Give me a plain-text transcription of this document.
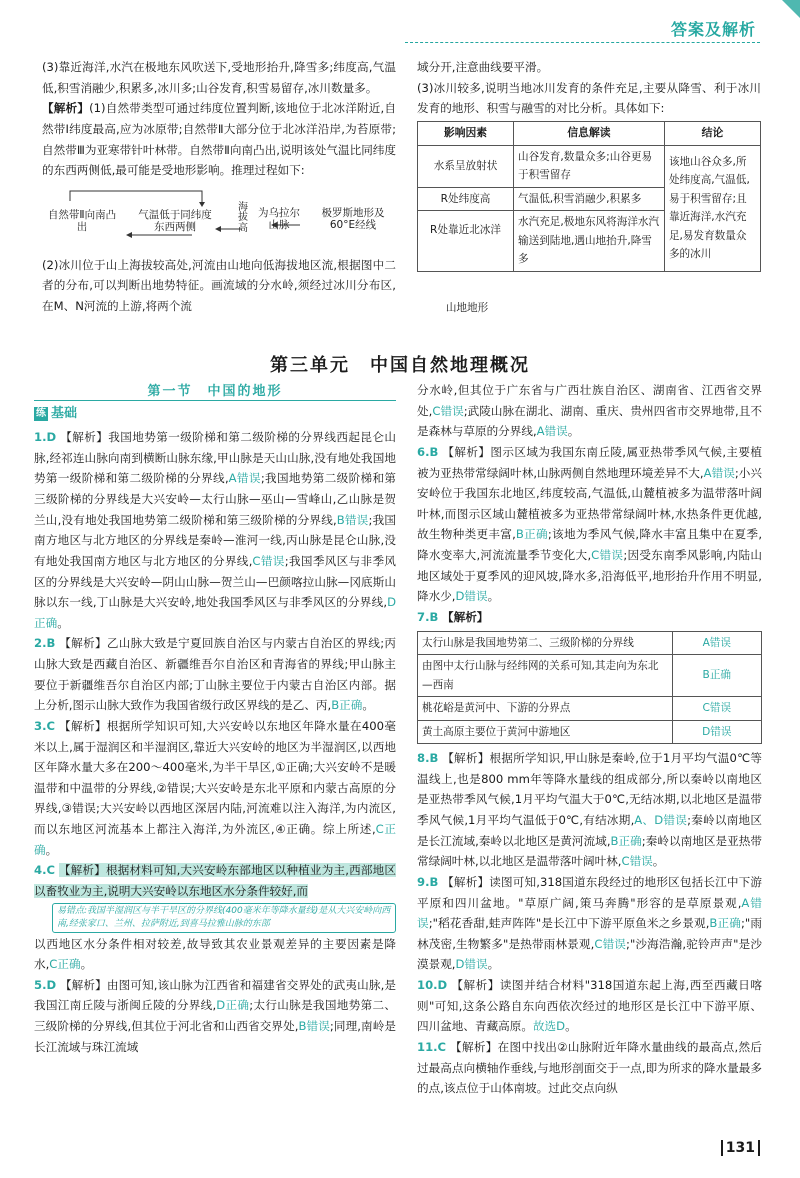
答案及解析

(3)靠近海洋,水汽在极地东风吹送下,受地形抬升,降雪多;纬度高,气温低,积雪消融少,积累多,冰川多;山谷发育,积雪易留存,冰川数量多。

【解析】(1)自然带类型可通过纬度位置判断,该地位于北冰洋附近,自然带Ⅰ纬度最高,应为冰原带;自然带Ⅱ大部分位于北冰洋沿岸,为苔原带;自然带Ⅲ为亚寒带针叶林带。自然带Ⅱ向南凸出,说明该处气温比同纬度的东西两侧低,最可能是受地形影响。推理过程如下:

自然带Ⅱ向南凸出
气温低于同纬度东西两侧
海拔高
为乌拉尔山脉
极罗斯地形及60°E经线

(2)冰川位于山上海拔较高处,河流由山地向低海拔地区流,根据图中二者的分布,可以判断出地势特征。画流域的分水岭,须经过冰川分布区,在M、N河流的上游,将两个流

域分开,注意曲线要平滑。

(3)冰川较多,说明当地冰川发育的条件充足,主要从降雪、利于冰川发育的地形、积雪与融雪的对比分析。具体如下:

影响因素	信息解读	结论
水系呈放射状	山谷发育,数量众多;山谷更易于积雪留存	该地山谷众多,所处纬度高,气温低,易于积雪留存;且靠近海洋,水汽充足,易发育数量众多的冰川
R处纬度高	气温低,积雪消融少,积累多	
R处靠近北冰洋	水汽充足,极地东风将海洋水汽输送到陆地,遇山地抬升,降雪多	

山地地形
第三单元　中国自然地理概况
第一节　中国的地形
练 基础

1.D 【解析】我国地势第一级阶梯和第二级阶梯的分界线西起昆仑山脉,经祁连山脉向南到横断山脉东缘,甲山脉是天山山脉,没有地处我国地势第一级阶梯和第二级阶梯的分界线,A错误;我国地势第二级阶梯和第三级阶梯的分界线是大兴安岭—太行山脉—巫山—雪峰山,乙山脉是贺兰山,没有地处我国地势第二级阶梯和第三级阶梯的分界线,B错误;我国南方地区与北方地区的分界线是秦岭—淮河一线,丙山脉是昆仑山脉,没有地处我国南方地区与北方地区的分界线,C错误;我国季风区与非季风区的分界线是大兴安岭—阴山山脉—贺兰山—巴颜喀拉山脉—冈底斯山脉以东一线,丁山脉是大兴安岭,地处我国季风区与非季风区的分界线,D正确。

2.B 【解析】乙山脉大致是宁夏回族自治区与内蒙古自治区的界线;丙山脉大致是西藏自治区、新疆维吾尔自治区和青海省的界线;甲山脉主要位于新疆维吾尔自治区内部;丁山脉主要位于内蒙古自治区内部。据上分析,图示山脉大致作为我国省级行政区界线的是乙、丙,B正确。

3.C 【解析】根据所学知识可知,大兴安岭以东地区年降水量在400毫米以上,属于湿润区和半湿润区,靠近大兴安岭的地区为半湿润区,以西地区年降水量大多在200～400毫米,为半干旱区,①正确;大兴安岭不是暖温带和中温带的分界线,②错误;大兴安岭是东北平原和内蒙古高原的分界线,③错误;大兴安岭以西地区深居内陆,河流难以注入海洋,为内流区,而以东地区河流基本上都注入海洋,为外流区,④正确。综上所述,C正确。

4.C 【解析】根据材料可知,大兴安岭东部地区以种植业为主,西部地区以畜牧业为主,说明大兴安岭以东地区水分条件较好,而

易错点:我国半湿润区与半干旱区的分界线(400毫米年等降水量线)是从大兴安岭向西南,经张家口、兰州、拉萨附近,到喜马拉雅山脉的东部

以西地区水分条件相对较差,故导致其农业景观差异的主要因素是降水,C正确。

5.D 【解析】由图可知,该山脉为江西省和福建省交界处的武夷山脉,是我国江南丘陵与浙闽丘陵的分界线,D正确;太行山脉是我国地势第二、三级阶梯的分界线,但其位于河北省和山西省交界处,B错误;同理,南岭是长江流域与珠江流域

分水岭,但其位于广东省与广西壮族自治区、湖南省、江西省交界处,C错误;武陵山脉在湖北、湖南、重庆、贵州四省市交界地带,且不是森林与草原的分界线,A错误。

6.B 【解析】图示区域为我国东南丘陵,属亚热带季风气候,主要植被为亚热带常绿阔叶林,山脉两侧自然地理环境差异不大,A错误;小兴安岭位于我国东北地区,纬度较高,气温低,山麓植被多为温带落叶阔叶林,而图示区域山麓植被多为亚热带常绿阔叶林,水热条件更优越,故生物种类更丰富,B正确;该地为季风气候,降水丰富且集中在夏季,降水变率大,河流流量季节变化大,C错误;因受东南季风影响,内陆山地区域处于夏季风的迎风坡,降水多,沿海低平,地形抬升作用不明显,降水少,D错误。

7.B 【解析】

太行山脉是我国地势第二、三级阶梯的分界线	A错误
由图中太行山脉与经纬网的关系可知,其走向为东北—西南	B正确
桃花峪是黄河中、下游的分界点	C错误
黄土高原主要位于黄河中游地区	D错误

8.B 【解析】根据所学知识,甲山脉是秦岭,位于1月平均气温0℃等温线上,也是800 mm年等降水量线的组成部分,所以秦岭以南地区是亚热带季风气候,1月平均气温大于0℃,无结冰期,以北地区是温带季风气候,1月平均气温低于0℃,有结冰期,A、D错误;秦岭以南地区是长江流域,秦岭以北地区是黄河流域,B正确;秦岭以南地区是亚热带常绿阔叶林,以北地区是温带落叶阔叶林,C错误。

9.B 【解析】读图可知,318国道东段经过的地形区包括长江中下游平原和四川盆地。"草原广阔,策马奔腾"形容的是草原景观,A错误;"稻花香甜,蛙声阵阵"是长江中下游平原鱼米之乡景观,B正确;"雨林茂密,生物繁多"是热带雨林景观,C错误;"沙海浩瀚,驼铃声声"是沙漠景观,D错误。

10.D 【解析】读图并结合材料"318国道东起上海,西至西藏日喀则"可知,这条公路自东向西依次经过的地形区是长江中下游平原、四川盆地、青藏高原。故选D。

11.C 【解析】在图中找出②山脉附近年降水量曲线的最高点,然后过最高点向横轴作垂线,与地形剖面交于一点,即为所求的降水量最多的点,该点位于山体南坡。过此交点向纵

131
